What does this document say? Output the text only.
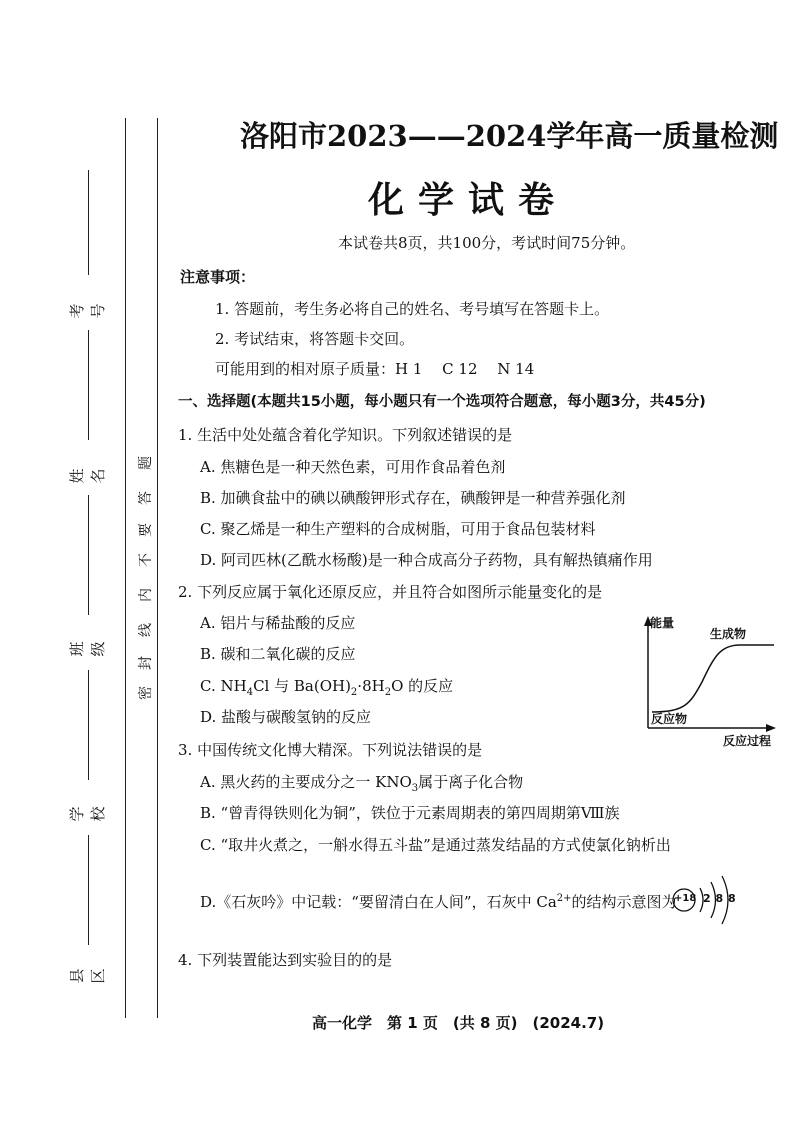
考号
姓名
班级
学校
县区
密
封
线
内
不
要
答
题
洛阳市2023——2024学年高一质量检测
化学试卷
本试卷共8页，共100分，考试时间75分钟。
注意事项：
1. 答题前，考生务必将自己的姓名、考号填写在答题卡上。
2. 考试结束，将答题卡交回。
可能用到的相对原子质量：H 1　 C 12　 N 14
一、选择题(本题共15小题，每小题只有一个选项符合题意，每小题3分，共45分)
1. 生活中处处蕴含着化学知识。下列叙述错误的是
A. 焦糖色是一种天然色素，可用作食品着色剂
B. 加碘食盐中的碘以碘酸钾形式存在，碘酸钾是一种营养强化剂
C. 聚乙烯是一种生产塑料的合成树脂，可用于食品包装材料
D. 阿司匹林(乙酰水杨酸)是一种合成高分子药物，具有解热镇痛作用
2. 下列反应属于氧化还原反应，并且符合如图所示能量变化的是
A. 铝片与稀盐酸的反应
B. 碳和二氧化碳的反应
C. $NH_4Cl$ 与 $Ba(OH)_2\cdot 8H_2O$ 的反应
D. 盐酸与碳酸氢钠的反应
能量
生成物
反应物
反应过程
3. 中国传统文化博大精深。下列说法错误的是
A. 黑火药的主要成分之一 $KNO_3$属于离子化合物
B. “曾青得铁则化为铜”，铁位于元素周期表的第四周期第Ⅷ族
C. “取井火煮之，一斛水得五斗盐”是通过蒸发结晶的方式使氯化钠析出
D.《石灰吟》中记载：“要留清白在人间”，石灰中 $Ca^{2+}$的结构示意图为
+18 2 8 8
4. 下列装置能达到实验目的的是
高一化学　第 1 页　(共 8 页)　(2024.7)
